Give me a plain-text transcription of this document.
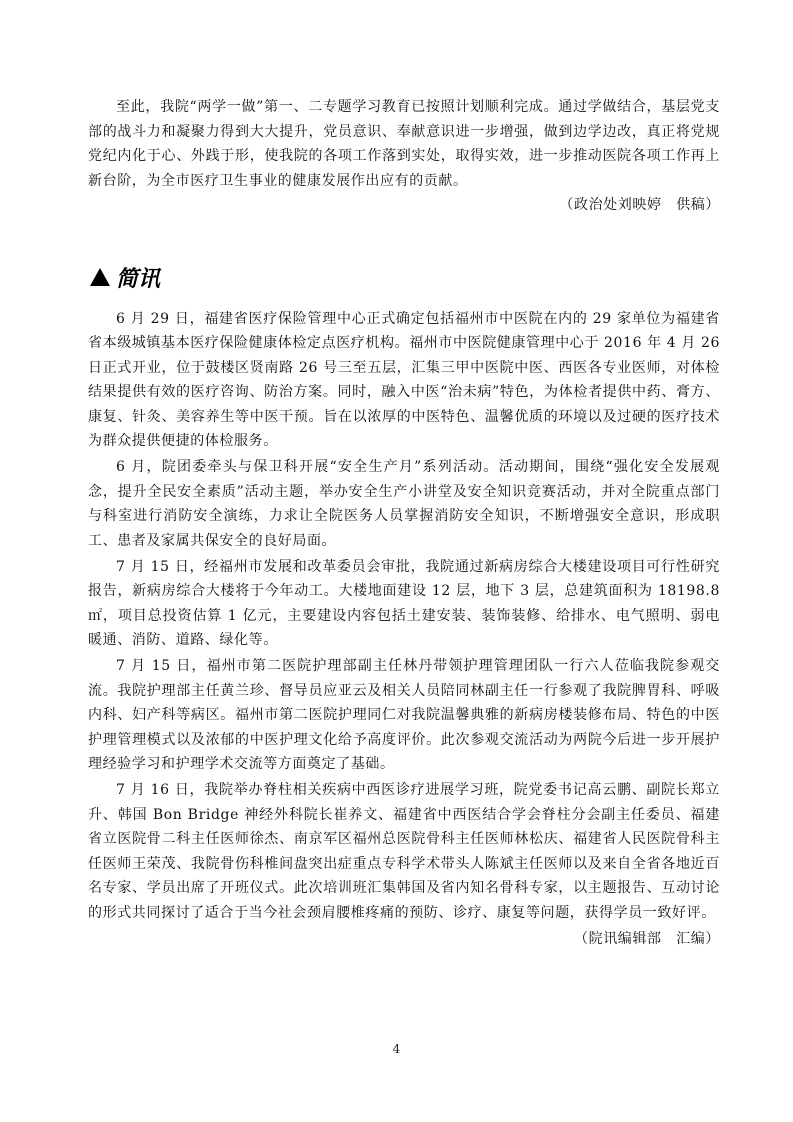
至此，我院“两学一做”第一、二专题学习教育已按照计划顺利完成。通过学做结合，基层党支部的战斗力和凝聚力得到大大提升，党员意识、奉献意识进一步增强，做到边学边改，真正将党规党纪内化于心、外践于形，使我院的各项工作落到实处，取得实效，进一步推动医院各项工作再上新台阶，为全市医疗卫生事业的健康发展作出应有的贡献。

（政治处刘映婷　供稿）

简讯

6 月 29 日，福建省医疗保险管理中心正式确定包括福州市中医院在内的 29 家单位为福建省省本级城镇基本医疗保险健康体检定点医疗机构。福州市中医院健康管理中心于 2016 年 4 月 26 日正式开业，位于鼓楼区贤南路 26 号三至五层，汇集三甲中医院中医、西医各专业医师，对体检结果提供有效的医疗咨询、防治方案。同时，融入中医“治未病”特色，为体检者提供中药、膏方、康复、针灸、美容养生等中医干预。旨在以浓厚的中医特色、温馨优质的环境以及过硬的医疗技术为群众提供便捷的体检服务。

6 月，院团委牵头与保卫科开展“安全生产月”系列活动。活动期间，围绕“强化安全发展观念，提升全民安全素质”活动主题，举办安全生产小讲堂及安全知识竞赛活动，并对全院重点部门与科室进行消防安全演练，力求让全院医务人员掌握消防安全知识，不断增强安全意识，形成职工、患者及家属共保安全的良好局面。

7 月 15 日，经福州市发展和改革委员会审批，我院通过新病房综合大楼建设项目可行性研究报告，新病房综合大楼将于今年动工。大楼地面建设 12 层，地下 3 层，总建筑面积为 18198.8 ㎡，项目总投资估算 1 亿元，主要建设内容包括土建安装、装饰装修、给排水、电气照明、弱电暖通、消防、道路、绿化等。

7 月 15 日，福州市第二医院护理部副主任林丹带领护理管理团队一行六人莅临我院参观交流。我院护理部主任黄兰珍、督导员应亚云及相关人员陪同林副主任一行参观了我院脾胃科、呼吸内科、妇产科等病区。福州市第二医院护理同仁对我院温馨典雅的新病房楼装修布局、特色的中医护理管理模式以及浓郁的中医护理文化给予高度评价。此次参观交流活动为两院今后进一步开展护理经验学习和护理学术交流等方面奠定了基础。

7 月 16 日，我院举办脊柱相关疾病中西医诊疗进展学习班，院党委书记高云鹏、副院长郑立升、韩国 Bon Bridge 神经外科院长崔养文、福建省中西医结合学会脊柱分会副主任委员、福建省立医院骨二科主任医师徐杰、南京军区福州总医院骨科主任医师林松庆、福建省人民医院骨科主任医师王荣茂、我院骨伤科椎间盘突出症重点专科学术带头人陈斌主任医师以及来自全省各地近百名专家、学员出席了开班仪式。此次培训班汇集韩国及省内知名骨科专家，以主题报告、互动讨论的形式共同探讨了适合于当今社会颈肩腰椎疼痛的预防、诊疗、康复等问题，获得学员一致好评。

（院讯编辑部　汇编）

4
